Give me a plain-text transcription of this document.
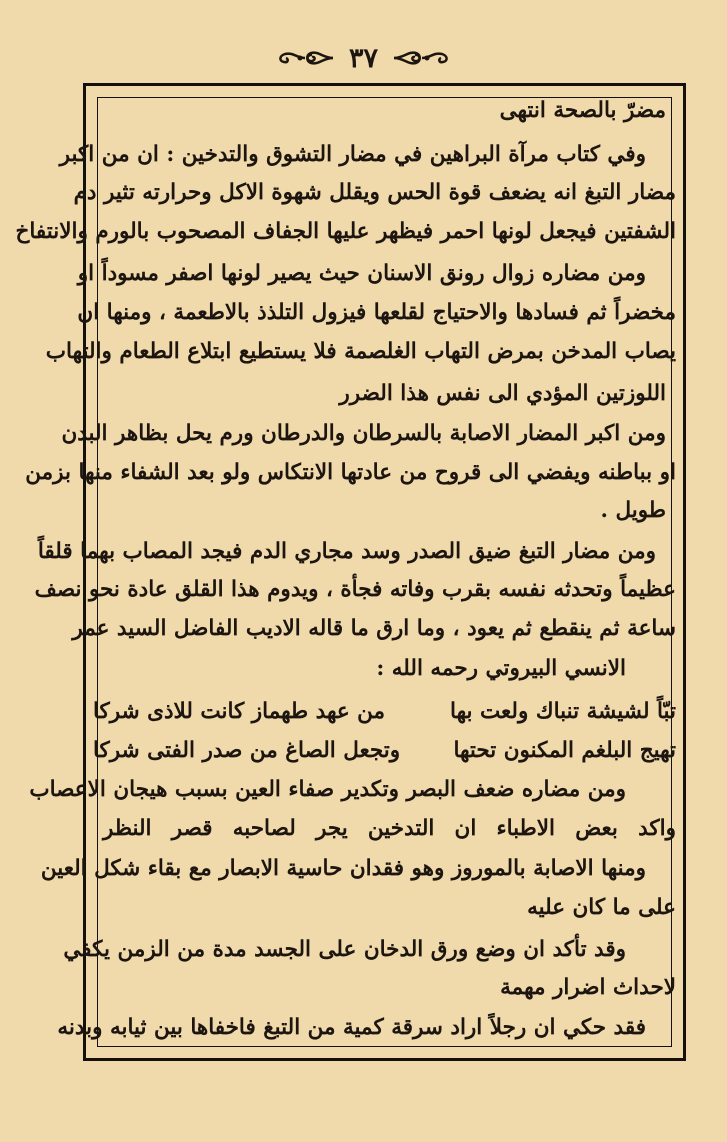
٣٧
مضرّ بالصحة انتهى
وفي كتاب مرآة البراهين في مضار التشوق والتدخين : ان من اكبر
مضار التبغ انه يضعف قوة الحس ويقلل شهوة الاكل وحرارته تثير دم
الشفتين فيجعل لونها احمر فيظهر عليها الجفاف المصحوب بالورم والانتفاخ
ومن مضاره زوال رونق الاسنان حيث يصير لونها اصفر مسوداً او
مخضراً ثم فسادها والاحتياج لقلعها فيزول التلذذ بالاطعمة ، ومنها ان
يصاب المدخن بمرض التهاب الغلصمة فلا يستطيع ابتلاع الطعام والتهاب
اللوزتين المؤدي الى نفس هذا الضرر
ومن اكبر المضار الاصابة بالسرطان والدرطان ورم يحل بظاهر البدن
او بباطنه ويفضي الى قروح من عادتها الانتكاس ولو بعد الشفاء منها بزمن
طويل .
ومن مضار التبغ ضيق الصدر وسد مجاري الدم فيجد المصاب بهما قلقاً
عظيماً وتحدثه نفسه بقرب وفاته فجأة ، ويدوم هذا القلق عادة نحو نصف
ساعة ثم ينقطع ثم يعود ، وما ارق ما قاله الاديب الفاضل السيد عمر
الانسي البيروتي رحمه الله :
تبّاً لشيشة تنباك ولعت بها
من عهد طهماز كانت للاذى شركا
تهيج البلغم المكنون تحتها
وتجعل الصاغ من صدر الفتى شركا
ومن مضاره ضعف البصر وتكدير صفاء العين بسبب هيجان الاعصاب
واكد بعض الاطباء ان التدخين يجر لصاحبه قصر النظر
ومنها الاصابة بالموروز وهو فقدان حاسية الابصار مع بقاء شكل العين
على ما كان عليه
وقد تأكد ان وضع ورق الدخان على الجسد مدة من الزمن يكفي
لاحداث اضرار مهمة
فقد حكي ان رجلاً اراد سرقة كمية من التبغ فاخفاها بين ثيابه وبدنه
